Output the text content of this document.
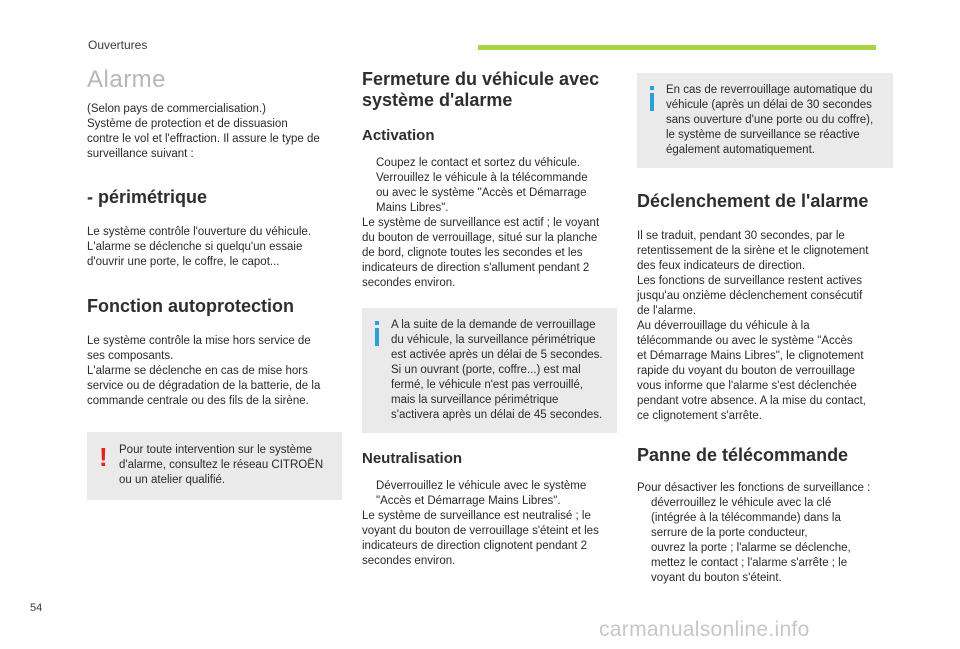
Ouvertures
Alarme

(Selon pays de commercialisation.)
Système de protection et de dissuasion
contre le vol et l'effraction. Il assure le type de
surveillance suivant :

- périmétrique

Le système contrôle l'ouverture du véhicule.
L'alarme se déclenche si quelqu'un essaie
d'ouvrir une porte, le coffre, le capot...

Fonction autoprotection

Le système contrôle la mise hors service de
ses composants.
L'alarme se déclenche en cas de mise hors
service ou de dégradation de la batterie, de la
commande centrale ou des fils de la sirène.

! Pour toute intervention sur le système
d'alarme, consultez le réseau CITROËN
ou un atelier qualifié.

Fermeture du véhicule avec
système d'alarme
Activation
Coupez le contact et sortez du véhicule.
Verrouillez le véhicule à la télécommande
ou avec le système "Accès et Démarrage
Mains Libres".

Le système de surveillance est actif ; le voyant
du bouton de verrouillage, situé sur la planche
de bord, clignote toutes les secondes et les
indicateurs de direction s'allument pendant 2
secondes environ.

A la suite de la demande de verrouillage
du véhicule, la surveillance périmétrique
est activée après un délai de 5 secondes.
Si un ouvrant (porte, coffre...) est mal
fermé, le véhicule n'est pas verrouillé,
mais la surveillance périmétrique
s'activera après un délai de 45 secondes.

Neutralisation
Déverrouillez le véhicule avec le système
"Accès et Démarrage Mains Libres".

Le système de surveillance est neutralisé ; le
voyant du bouton de verrouillage s'éteint et les
indicateurs de direction clignotent pendant 2
secondes environ.

En cas de reverrouillage automatique du
véhicule (après un délai de 30 secondes
sans ouverture d'une porte ou du coffre),
le système de surveillance se réactive
également automatiquement.

Déclenchement de l'alarme

Il se traduit, pendant 30 secondes, par le
retentissement de la sirène et le clignotement
des feux indicateurs de direction.
Les fonctions de surveillance restent actives
jusqu'au onzième déclenchement consécutif
de l'alarme.
Au déverrouillage du véhicule à la
télécommande ou avec le système "Accès
et Démarrage Mains Libres", le clignotement
rapide du voyant du bouton de verrouillage
vous informe que l'alarme s'est déclenchée
pendant votre absence. A la mise du contact,
ce clignotement s'arrête.

Panne de télécommande

Pour désactiver les fonctions de surveillance :

déverrouillez le véhicule avec la clé
(intégrée à la télécommande) dans la
serrure de la porte conducteur,
ouvrez la porte ; l'alarme se déclenche,
mettez le contact ; l'alarme s'arrête ; le
voyant du bouton s'éteint.
54
carmanualsonline.info
